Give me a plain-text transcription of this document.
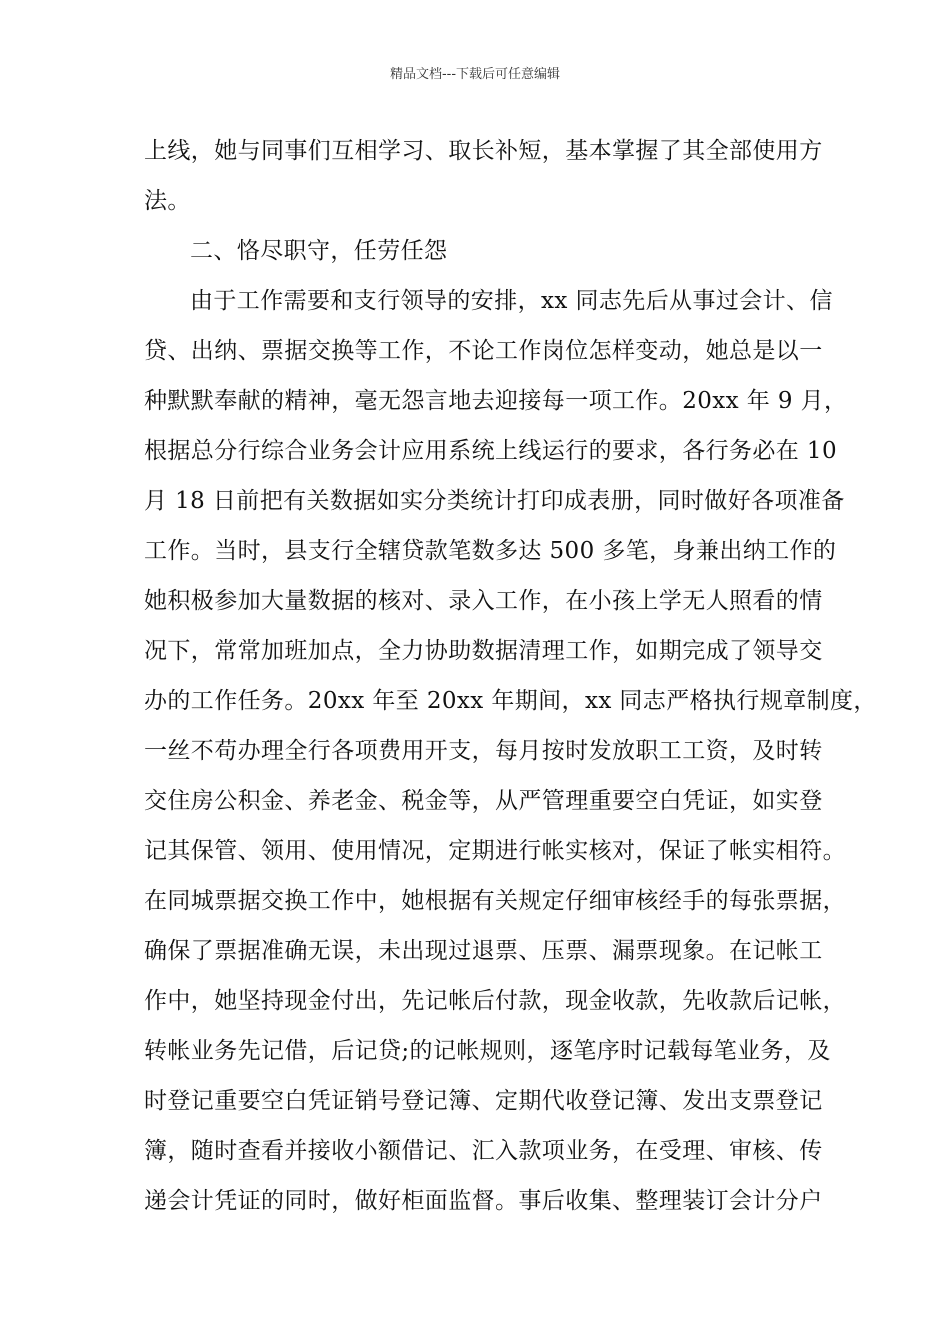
精品文档---下载后可任意编辑
上线，她与同事们互相学习、取长补短，基本掌握了其全部使用方
法。
二、恪尽职守，任劳任怨
由于工作需要和支行领导的安排，xx 同志先后从事过会计、信
贷、出纳、票据交换等工作，不论工作岗位怎样变动，她总是以一
种默默奉献的精神，毫无怨言地去迎接每一项工作。20xx 年 9 月，
根据总分行综合业务会计应用系统上线运行的要求，各行务必在 10
月 18 日前把有关数据如实分类统计打印成表册，同时做好各项准备
工作。当时，县支行全辖贷款笔数多达 500 多笔，身兼出纳工作的
她积极参加大量数据的核对、录入工作，在小孩上学无人照看的情
况下，常常加班加点，全力协助数据清理工作，如期完成了领导交
办的工作任务。20xx 年至 20xx 年期间，xx 同志严格执行规章制度，
一丝不苟办理全行各项费用开支，每月按时发放职工工资，及时转
交住房公积金、养老金、税金等，从严管理重要空白凭证，如实登
记其保管、领用、使用情况，定期进行帐实核对，保证了帐实相符。
在同城票据交换工作中，她根据有关规定仔细审核经手的每张票据，
确保了票据准确无误，未出现过退票、压票、漏票现象。在记帐工
作中，她坚持现金付出，先记帐后付款，现金收款，先收款后记帐，
转帐业务先记借，后记贷;的记帐规则，逐笔序时记载每笔业务，及
时登记重要空白凭证销号登记簿、定期代收登记簿、发出支票登记
簿，随时查看并接收小额借记、汇入款项业务，在受理、审核、传
递会计凭证的同时，做好柜面监督。事后收集、整理装订会计分户
